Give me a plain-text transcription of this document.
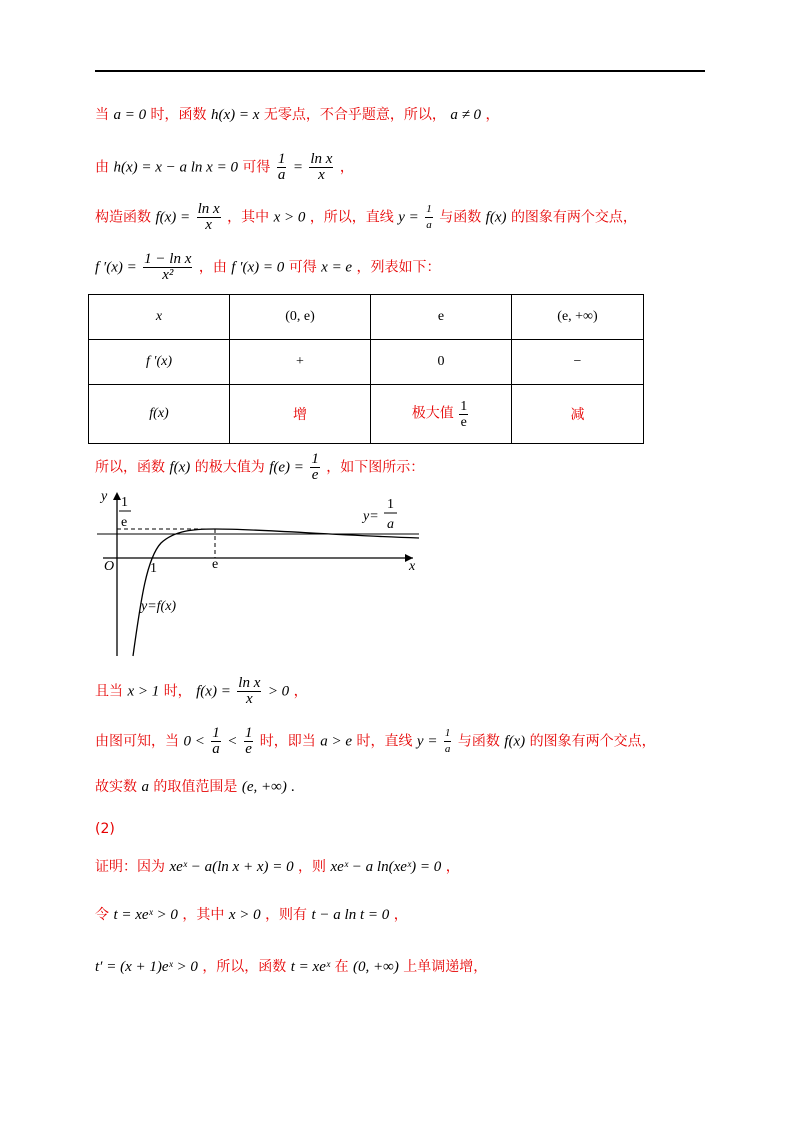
当 a = 0 时，函数 h(x) = x 无零点，不合乎题意，所以， a ≠ 0 ，
由 h(x) = x − a ln x = 0 可得 $\frac{1}{a} = \frac{\text{ln x}}{x}$ ，
构造函数 $f(x) = \frac{\text{ln x}}{x}$ ，其中 x > 0 ，所以，直线 $y = \frac{1}{a}$ 与函数 f(x) 的图象有两个交点，
f $'(x) = \frac{\text{1 − ln x}}{\text{x²}}$ ，由 f ′(x) = 0 可得 x = e ，列表如下：
x	(0, e)	e	(e, +∞)
f ′(x)	+	0	−
f(x)	增	极大值 $\frac{1}{e}$	减
所以，函数 f(x) 的极大值为 $f(e) = \frac{1}{e}$ ，如下图所示：
y
x
O	1	e
1
e	y=
1
a
y=f(x)
且当 x > 1 时， $f(x) = \frac{\text{ln x}}{x} > 0$ ，
由图可知，当 $0 < \frac{1}{a} < \frac{1}{e}$ 时，即当 a > e 时，直线 $y = \frac{1}{a}$ 与函数 f(x) 的图象有两个交点，
故实数 a 的取值范围是 (e, +∞) .
(2)
证明：因为 xeˣ − a(ln x + x) = 0 ，则 xeˣ − a ln(xeˣ) = 0 ，
令 t = xeˣ > 0 ，其中 x > 0 ，则有 t − a ln t = 0 ，
t′ = (x + 1)eˣ > 0 ，所以，函数 t = xeˣ 在 (0, +∞) 上单调递增，
